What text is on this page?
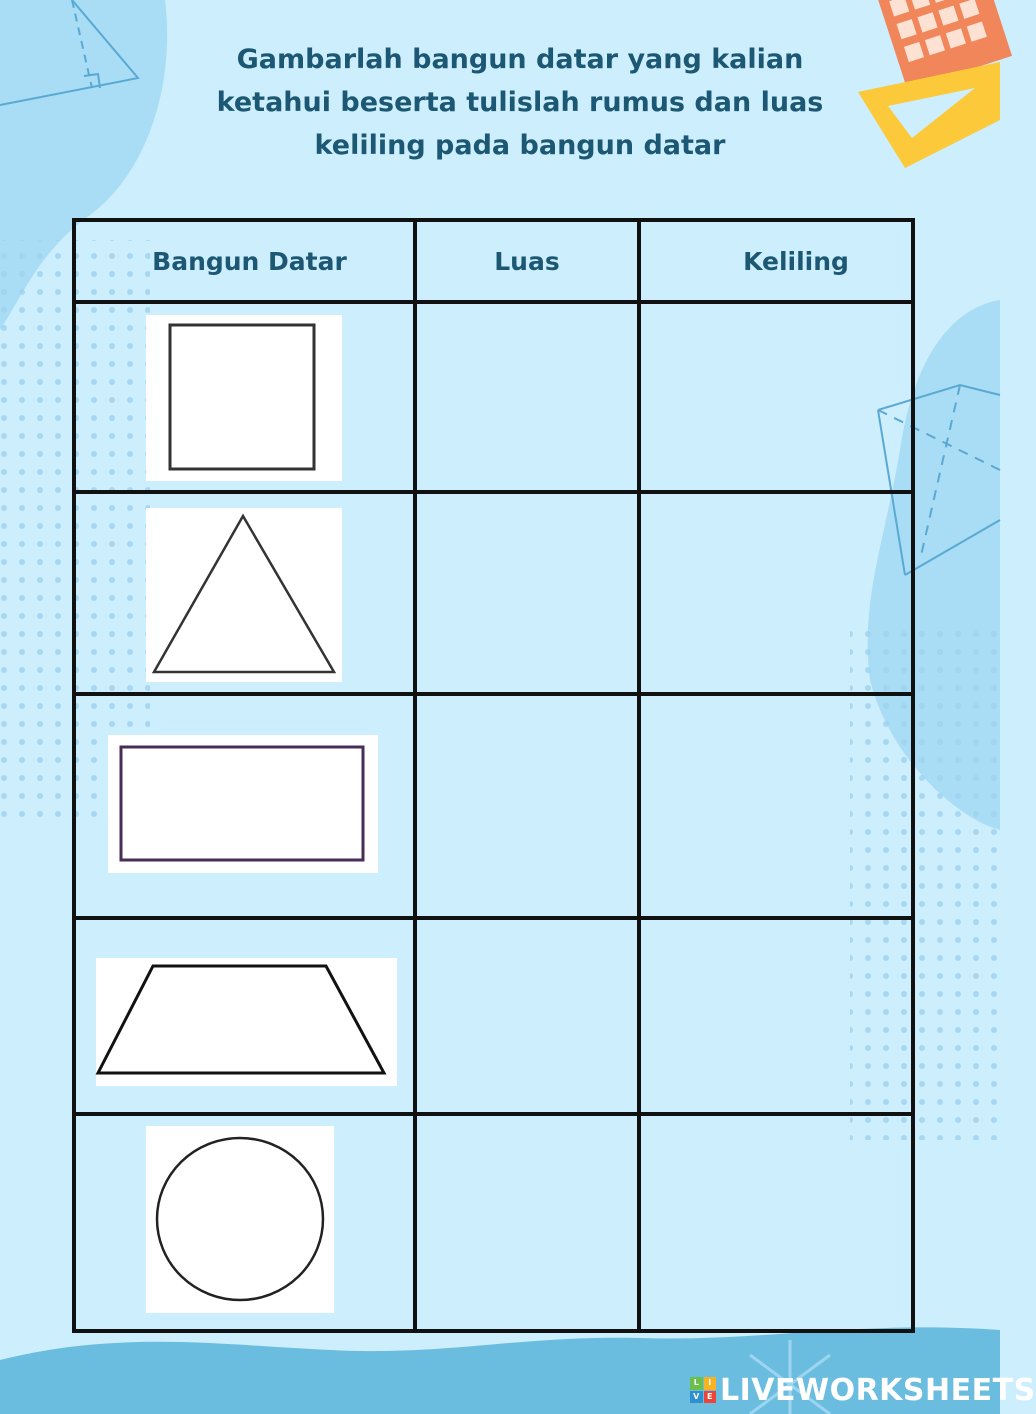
Gambarlah bangun datar yang kalian
ketahui beserta tulislah rumus dan luas
keliling pada bangun datar
Bangun Datar	Luas	Keliling

L	I
V E LIVEWORKSHEETS
